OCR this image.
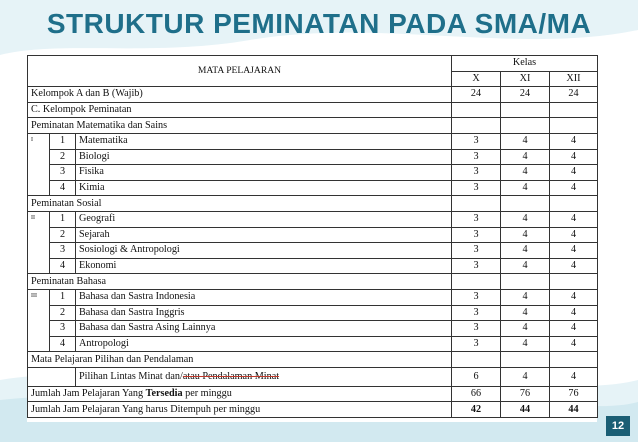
STRUKTUR PEMINATAN PADA SMA/MA
MATA PELAJARAN			Kelas		
			X	XI	XII
Kelompok A dan B (Wajib)			24	24	24
C. Kelompok Peminatan					
Peminatan Matematika dan Sains					
I	1	Matematika	3	4	4
	2	Biologi	3	4	4
	3	Fisika	3	4	4
	4	Kimia	3	4	4
Peminatan Sosial					
II	1	Geografi	3	4	4
	2	Sejarah	3	4	4
	3	Sosiologi & Antropologi	3	4	4
	4	Ekonomi	3	4	4
Peminatan Bahasa					
III	1	Bahasa dan Sastra Indonesia	3	4	4
	2	Bahasa dan Sastra Inggris	3	4	4
	3	Bahasa dan Sastra Asing Lainnya	3	4	4
	4	Antropologi	3	4	4
Mata Pelajaran Pilihan dan Pendalaman					
		Pilihan Lintas Minat dan/atau Pendalaman Minat	6	4	4
Jumlah Jam Pelajaran Yang Tersedia per minggu			66	76	76
Jumlah Jam Pelajaran Yang harus Ditempuh per minggu			42	44	44
12
